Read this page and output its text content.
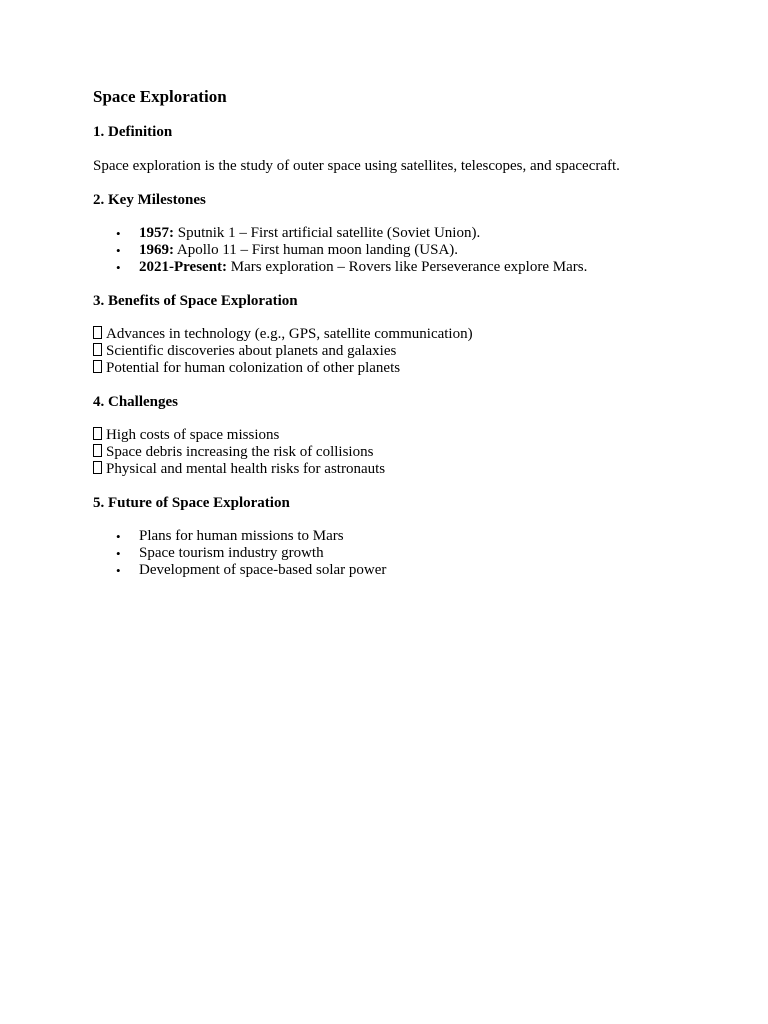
Space Exploration
1. Definition

Space exploration is the study of outer space using satellites, telescopes, and spacecraft.

2. Key Milestones
• 1957: Sputnik 1 – First artificial satellite (Soviet Union).
• 1969: Apollo 11 – First human moon landing (USA).
• 2021-Present: Mars exploration – Rovers like Perseverance explore Mars.
3. Benefits of Space Exploration
Advances in technology (e.g., GPS, satellite communication)
Scientific discoveries about planets and galaxies
Potential for human colonization of other planets
4. Challenges
High costs of space missions
Space debris increasing the risk of collisions
Physical and mental health risks for astronauts
5. Future of Space Exploration
• Plans for human missions to Mars
• Space tourism industry growth
• Development of space-based solar power
